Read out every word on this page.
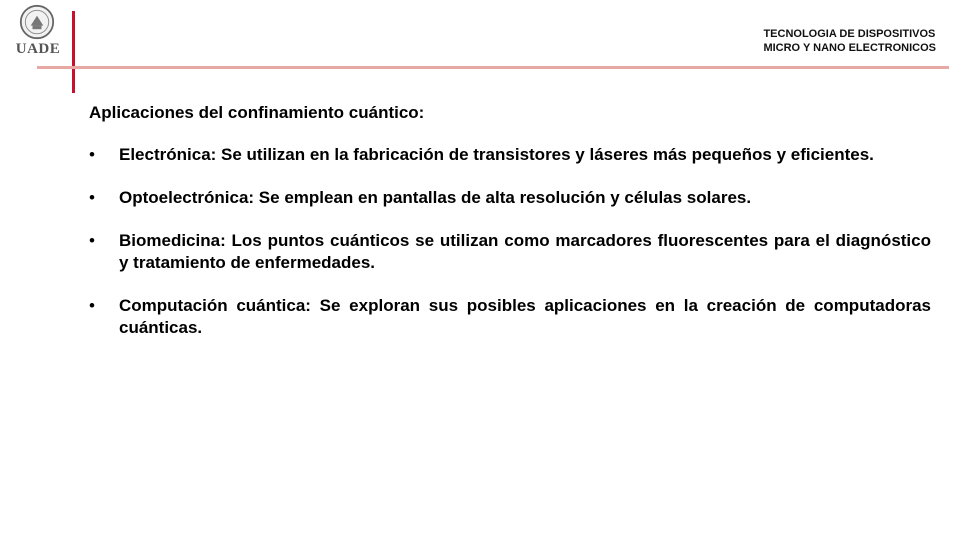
UADE
TECNOLOGIA DE DISPOSITIVOS
MICRO Y NANO ELECTRONICOS
Aplicaciones del confinamiento cuántico:
• Electrónica: Se utilizan en la fabricación de transistores y láseres más pequeños y eficientes.
• Optoelectrónica: Se emplean en pantallas de alta resolución y células solares.
• Biomedicina: Los puntos cuánticos se utilizan como marcadores fluorescentes para el diagnóstico y tratamiento de enfermedades.
• Computación cuántica: Se exploran sus posibles aplicaciones en la creación de computadoras cuánticas.
